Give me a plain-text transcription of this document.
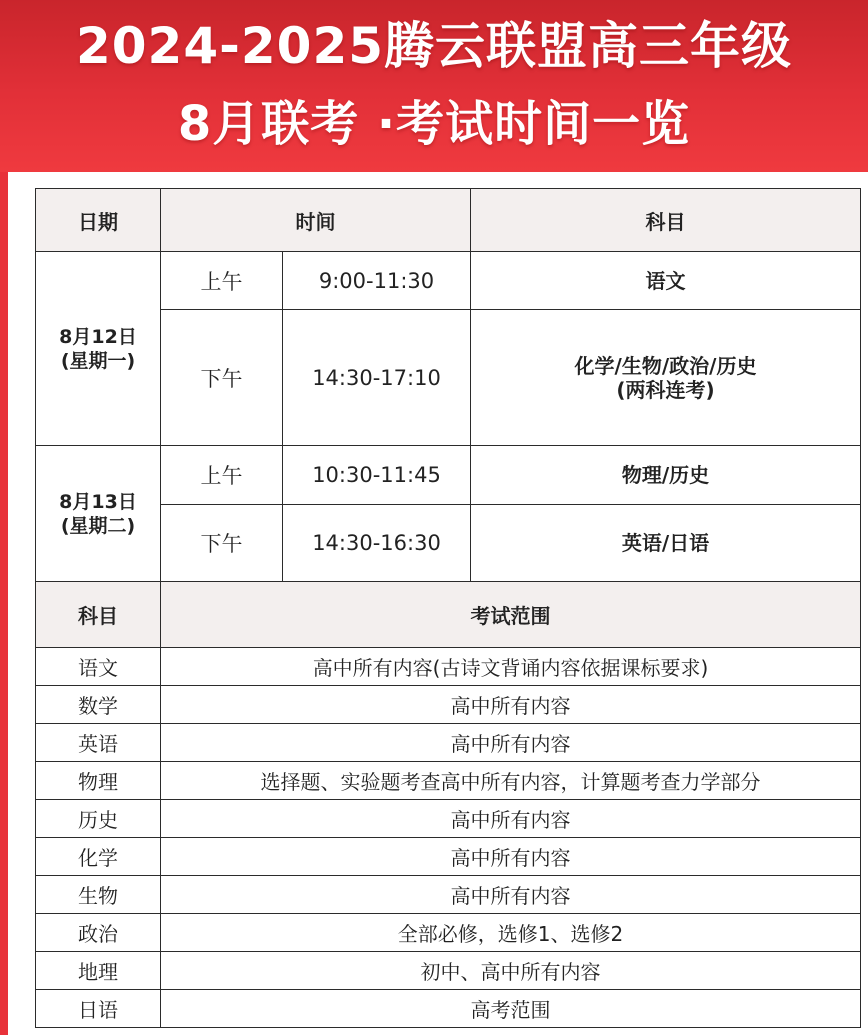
2024-2025腾云联盟高三年级
8月联考 ·考试时间一览
日期	时间		科目

8月12日
(星期一)	上午	9:00-11:30	语文
	下午	14:30-17:10	化学/生物/政治/历史
(两科连考)

8月13日
(星期二)	上午	10:30-11:45	物理/历史
	下午	14:30-16:30	英语/日语
科目	考试范围		
语文	高中所有内容(古诗文背诵内容依据课标要求)		
数学	高中所有内容		
英语	高中所有内容		
物理	选择题、实验题考查高中所有内容，计算题考查力学部分		
历史	高中所有内容		
化学	高中所有内容		
生物	高中所有内容		
政治	全部必修，选修1、选修2		
地理	初中、高中所有内容		
日语	高考范围		
